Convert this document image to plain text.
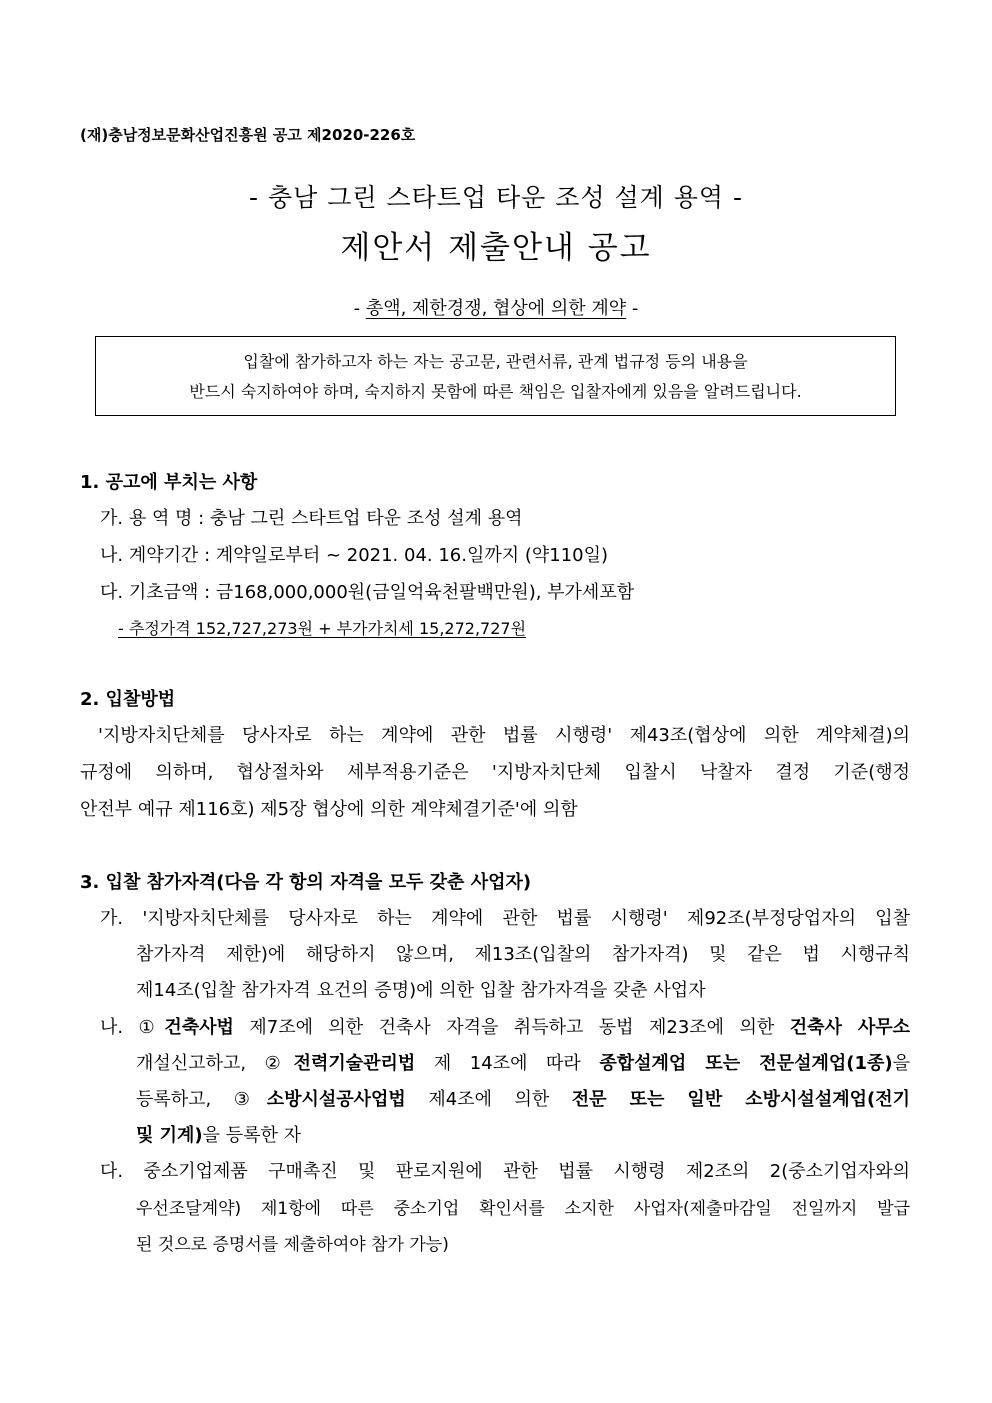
(재)충남정보문화산업진흥원 공고 제2020-226호
- 충남 그린 스타트업 타운 조성 설계 용역 -
제안서 제출안내 공고
- 총액, 제한경쟁, 협상에 의한 계약 -
입찰에 참가하고자 하는 자는 공고문, 관련서류, 관계 법규정 등의 내용을
반드시 숙지하여야 하며, 숙지하지 못함에 따른 책임은 입찰자에게 있음을 알려드립니다.
1. 공고에 부치는 사항
가. 용 역 명 : 충남 그린 스타트업 타운 조성 설계 용역
나. 계약기간 : 계약일로부터 ~ 2021. 04. 16.일까지 (약110일)
다. 기초금액 : 금168,000,000원(금일억육천팔백만원), 부가세포함
- 추정가격 152,727,273원 + 부가가치세 15,272,727원
2. 입찰방법
'지방자치단체를 당사자로 하는 계약에 관한 법률 시행령' 제43조(협상에 의한 계약체결)의
규정에 의하며, 협상절차와 세부적용기준은 '지방자치단체 입찰시 낙찰자 결정 기준(행정
안전부 예규 제116호) 제5장 협상에 의한 계약체결기준'에 의함
3. 입찰 참가자격(다음 각 항의 자격을 모두 갖춘 사업자)
가. '지방자치단체를 당사자로 하는 계약에 관한 법률 시행령' 제92조(부정당업자의 입찰
참가자격 제한)에 해당하지 않으며, 제13조(입찰의 참가자격) 및 같은 법 시행규칙
제14조(입찰 참가자격 요건의 증명)에 의한 입찰 참가자격을 갖춘 사업자
나. ①건축사법 제7조에 의한 건축사 자격을 취득하고 동법 제23조에 의한 건축사 사무소
개설신고하고, ②전력기술관리법 제 14조에 따라 종합설계업 또는 전문설계업(1종)을
등록하고, ③소방시설공사업법 제4조에 의한 전문 또는 일반 소방시설설계업(전기
및 기계)을 등록한 자
다. 중소기업제품 구매촉진 및 판로지원에 관한 법률 시행령 제2조의 2(중소기업자와의
우선조달계약) 제1항에 따른 중소기업 확인서를 소지한 사업자(제출마감일 전일까지 발급
된 것으로 증명서를 제출하여야 참가 가능)
